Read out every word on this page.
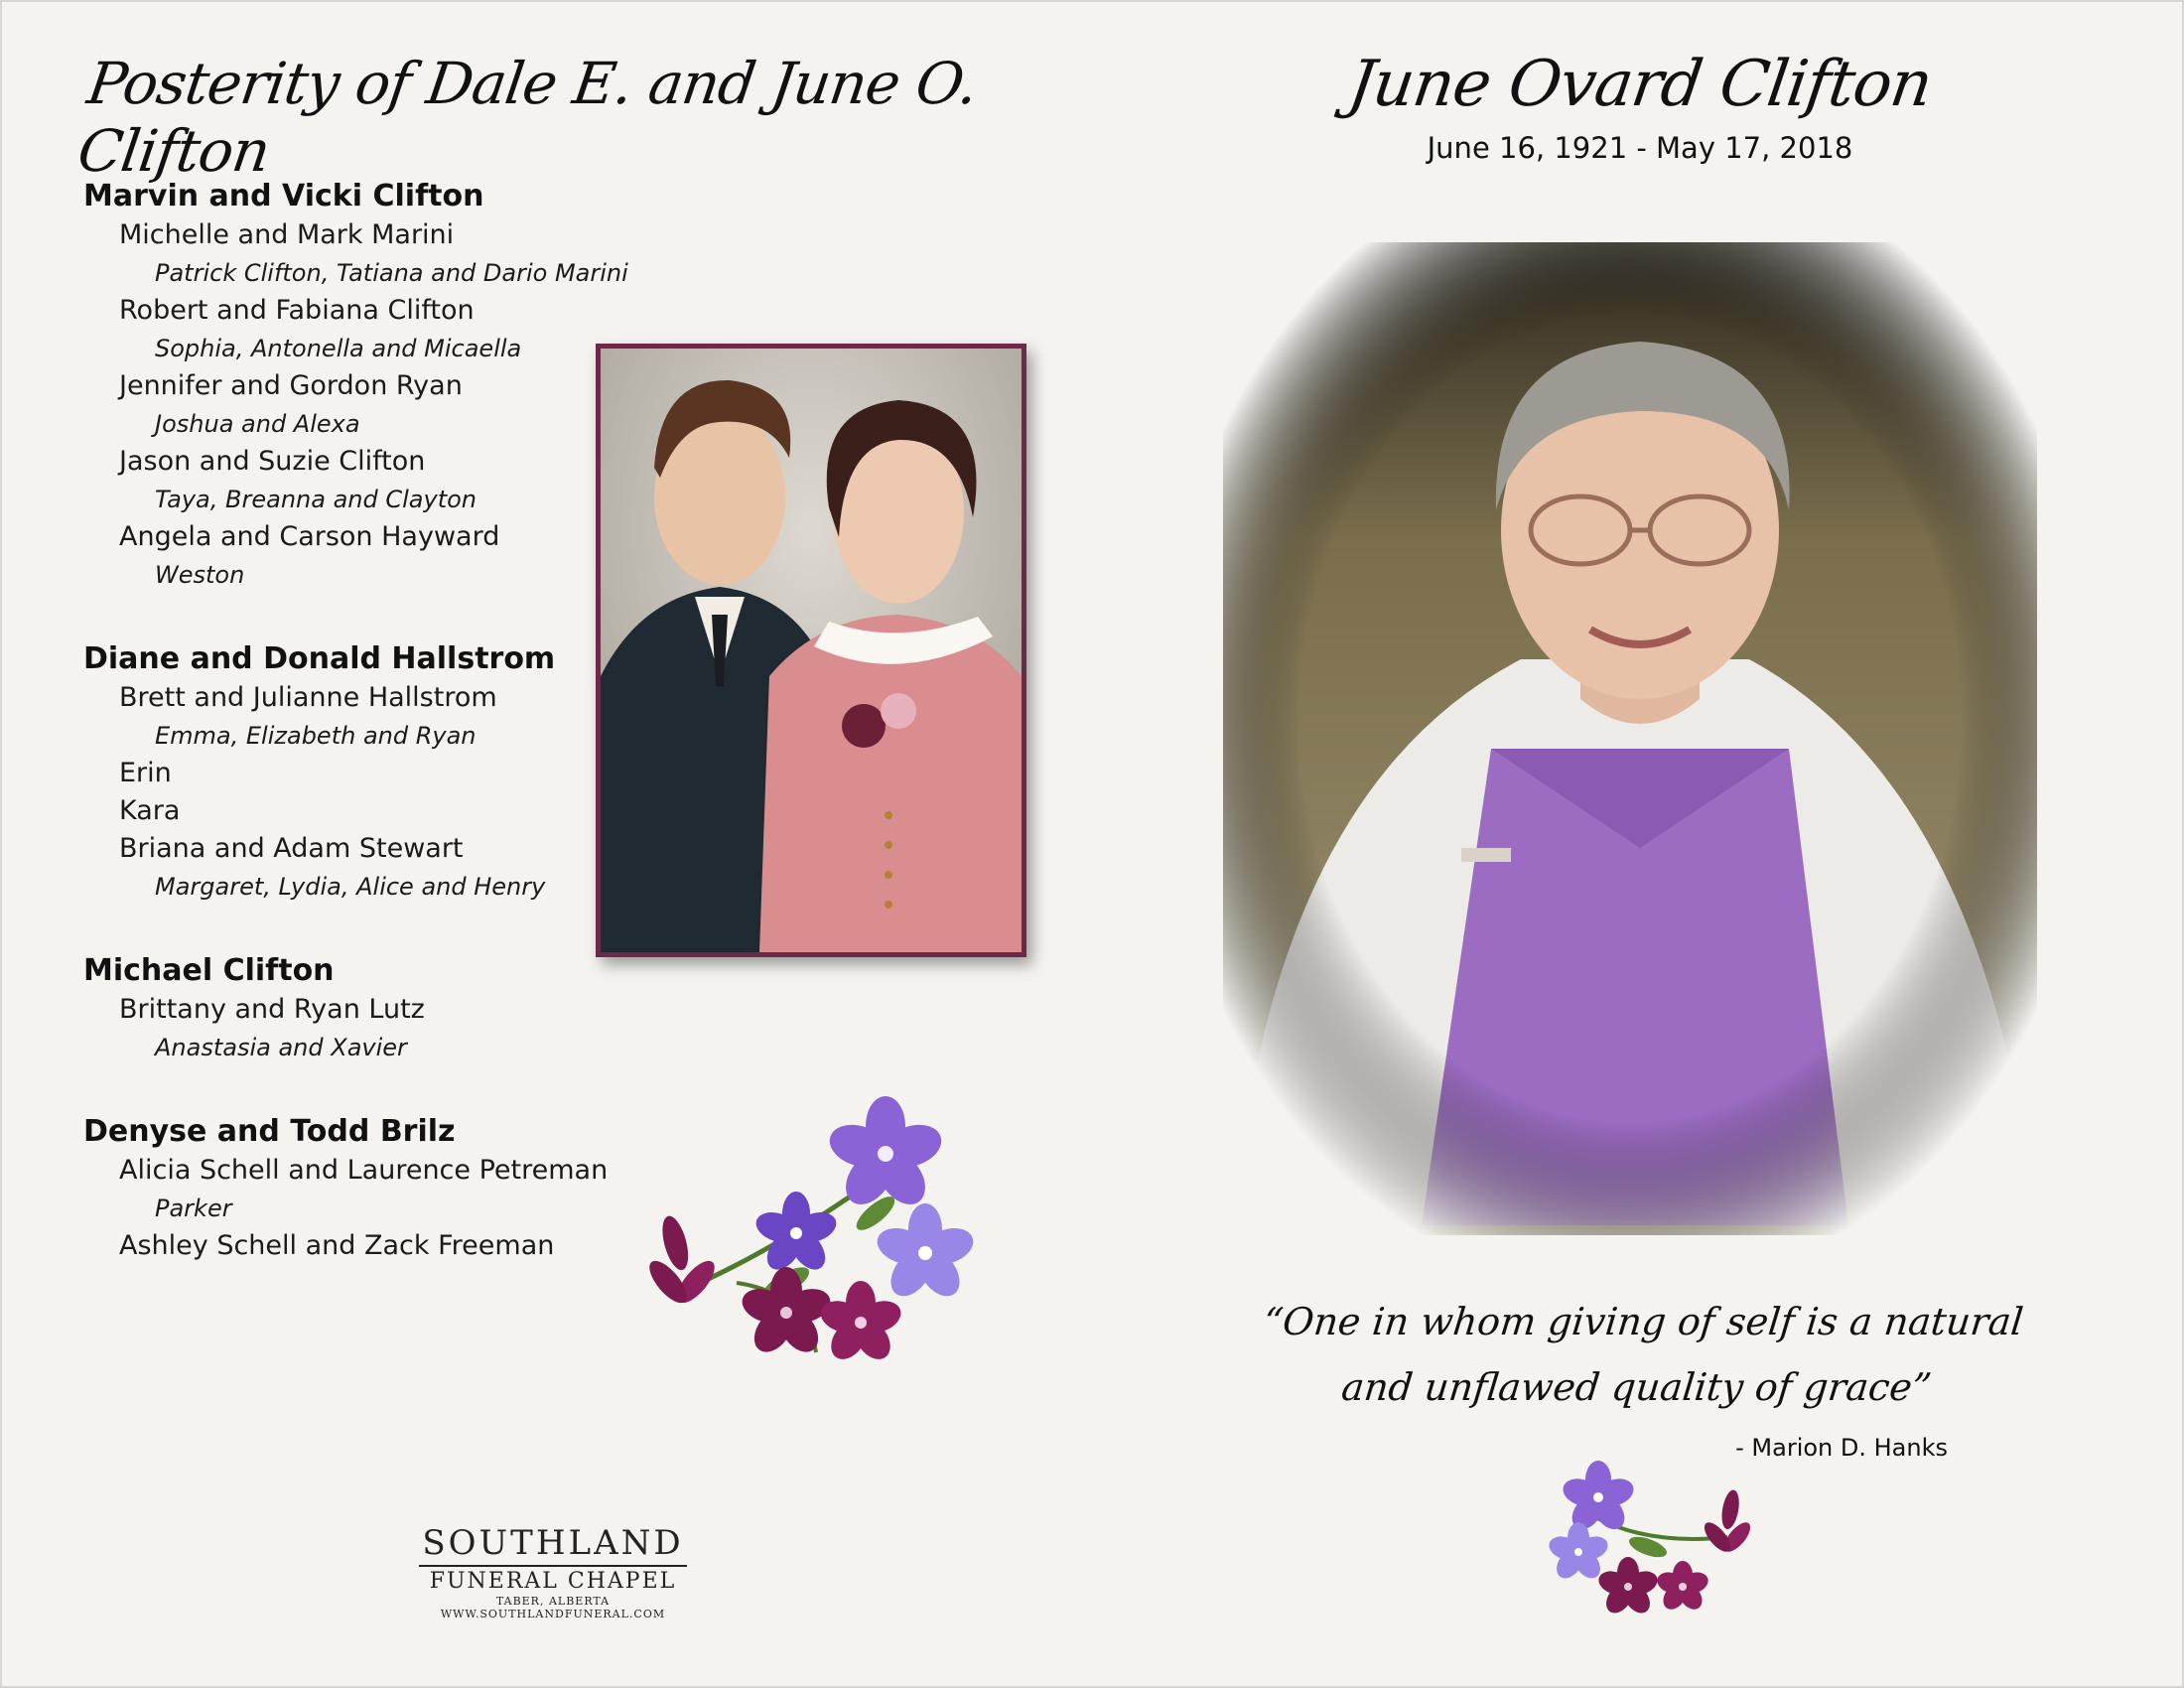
Posterity of Dale E. and June O. Clifton
Marvin and Vicki Clifton
Michelle and Mark Marini
Patrick Clifton, Tatiana and Dario Marini
Robert and Fabiana Clifton
Sophia, Antonella and Micaella
Jennifer and Gordon Ryan
Joshua and Alexa
Jason and Suzie Clifton
Taya, Breanna and Clayton
Angela and Carson Hayward
Weston
Diane and Donald Hallstrom
Brett and Julianne Hallstrom
Emma, Elizabeth and Ryan
Erin
Kara
Briana and Adam Stewart
Margaret, Lydia, Alice and Henry
Michael Clifton
Brittany and Ryan Lutz
Anastasia and Xavier
Denyse and Todd Brilz
Alicia Schell and Laurence Petreman
Parker
Ashley Schell and Zack Freeman
SOUTHLAND
FUNERAL CHAPEL
TABER, ALBERTA
WWW.SOUTHLANDFUNERAL.COM
June Ovard Clifton
June 16, 1921 - May 17, 2018
“One in whom giving of self is a natural
and unflawed quality of grace”
- Marion D. Hanks
